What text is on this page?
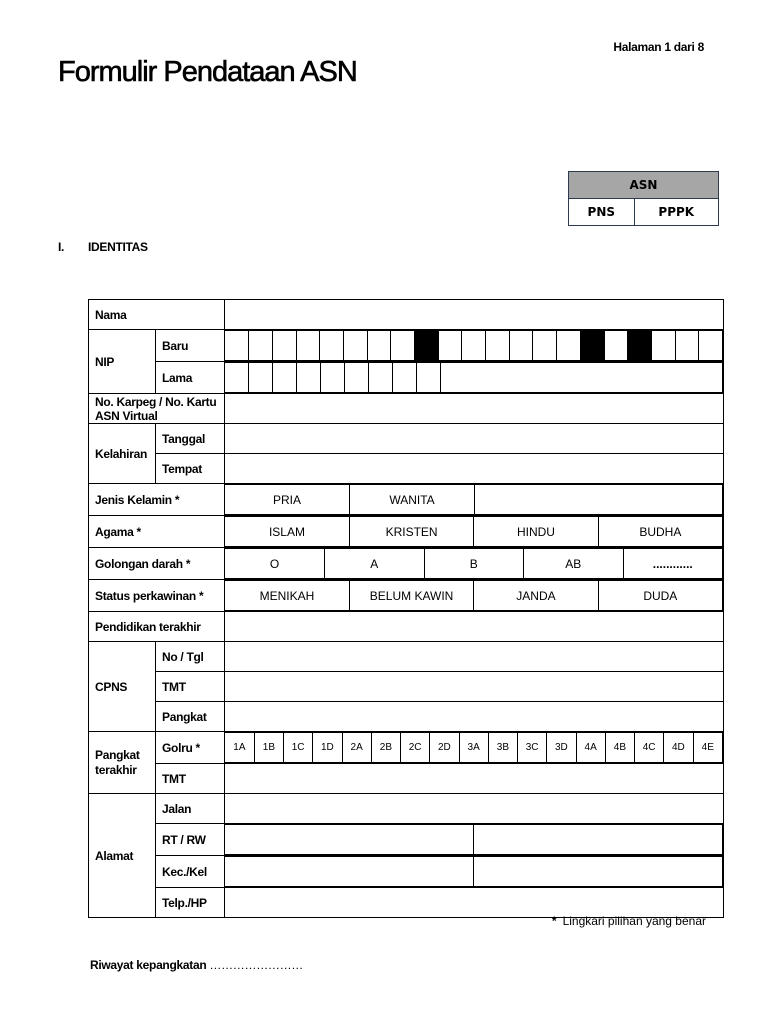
Halaman 1 dari 8
Formulir Pendataan ASN
ASN
PNS	PPPK
I. IDENTITAS
Nama	
NIP	Baru	

Lama	

No. Karpeg / No. Kartu ASN Virtual	
Kelahiran	Tanggal	
Tempat	
Jenis Kelamin *		PRIA	WANITA	

Agama *		ISLAM	KRISTEN	HINDU	BUDHA

Golongan darah *		O	A	B	AB	............

Status perkawinan *		MENIKAH	BELUM KAWIN	JANDA	DUDA

Pendidikan terakhir	
CPNS	No / Tgl	
TMT	
Pangkat	
Pangkat terakhir	Golru *		1A	1B	1C	1D	2A	2B	2C	2D	3A	3B	3C	3D	4A	4B	4C	4D	4E

TMT	
Alamat	Jalan	
RT / RW	

Kec./Kel	

Telp./HP	
* Lingkari pilihan yang benar
Riwayat kepangkatan ……………………
